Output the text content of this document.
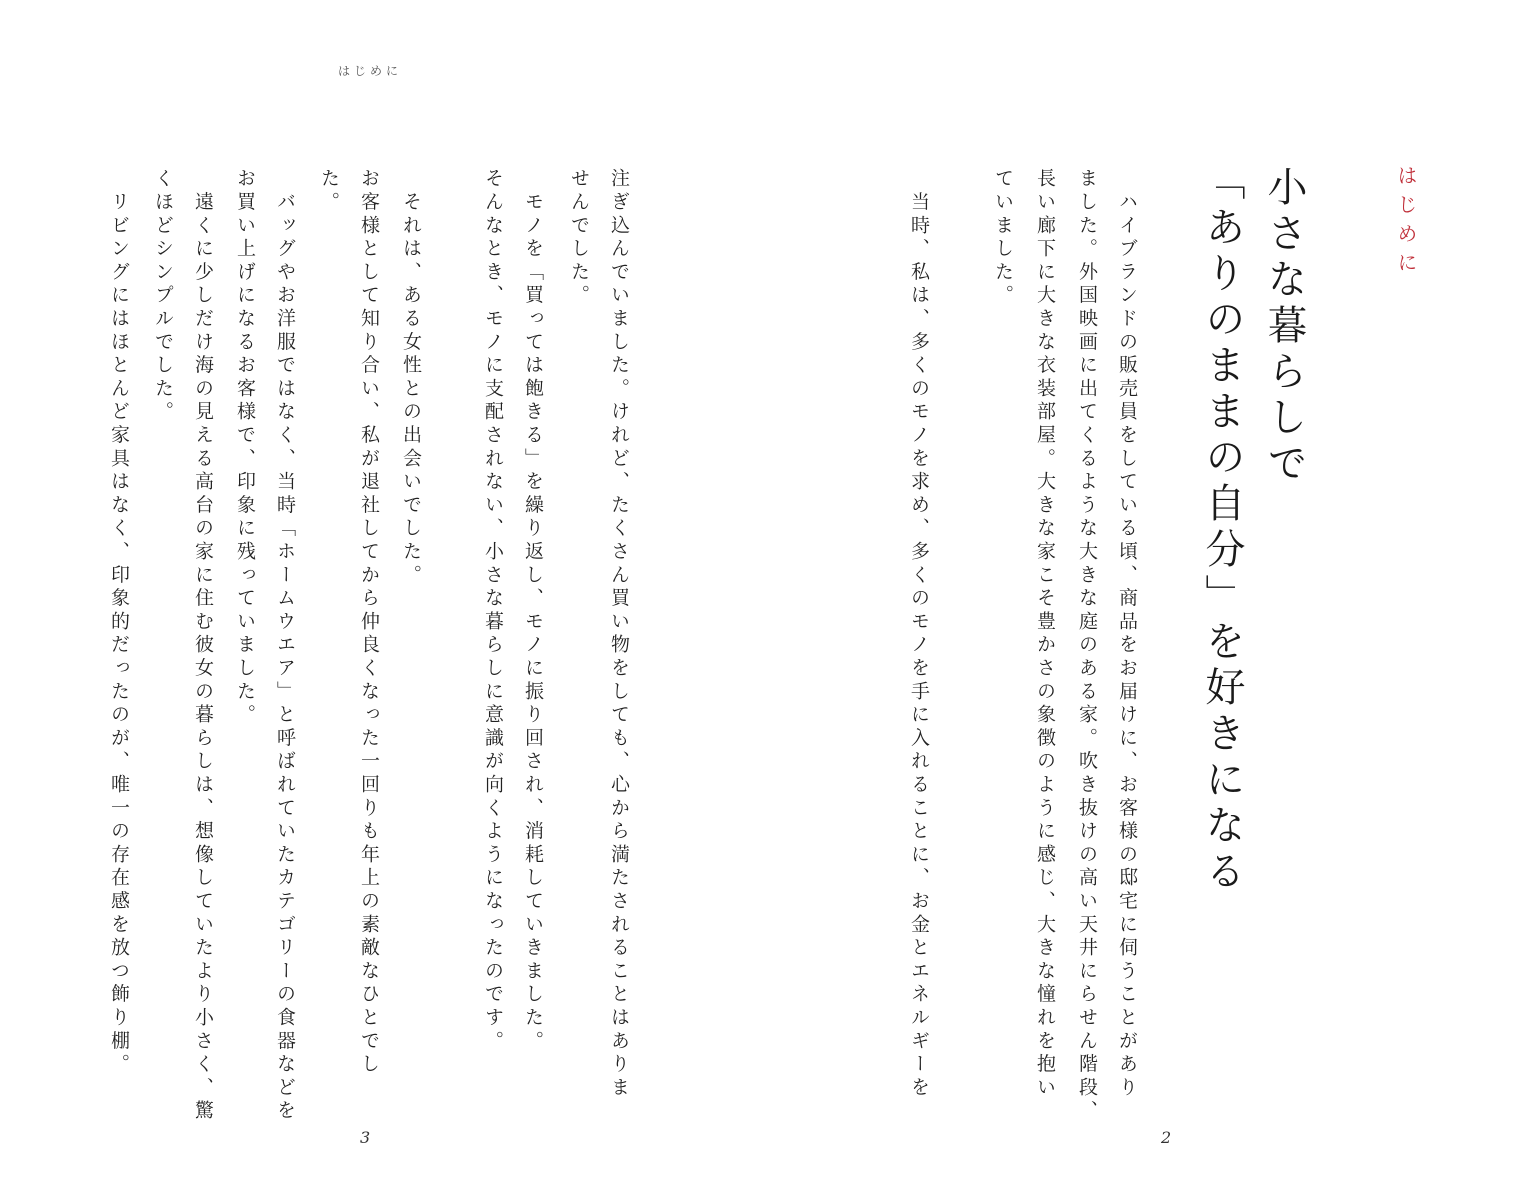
はじめに
注ぎ込んでいました。けれど、たくさん買い物をしても、心から満たされることはありま
せんでした。
　モノを「買っては飽きる」を繰り返し、モノに振り回され、消耗していきました。
そんなとき、モノに支配されない、小さな暮らしに意識が向くようになったのです。
　それは、ある女性との出会いでした。
お客様として知り合い、私が退社してから仲良くなった一回りも年上の素敵なひとでし
た。
　バッグやお洋服ではなく、当時「ホームウエア」と呼ばれていたカテゴリーの食器などを
お買い上げになるお客様で、印象に残っていました。
　遠くに少しだけ海の見える高台の家に住む彼女の暮らしは、想像していたより小さく、驚
くほどシンプルでした。
　リビングにはほとんど家具はなく、印象的だったのが、唯一の存在感を放つ飾り棚。
3
はじめに
小さな暮らしで
「ありのままの自分」を好きになる
　ハイブランドの販売員をしている頃、商品をお届けに、お客様の邸宅に伺うことがあり
ました。外国映画に出てくるような大きな庭のある家。吹き抜けの高い天井にらせん階段、
長い廊下に大きな衣装部屋。大きな家こそ豊かさの象徴のように感じ、大きな憧れを抱い
ていました。
　当時、私は、多くのモノを求め、多くのモノを手に入れることに、お金とエネルギーを
2
